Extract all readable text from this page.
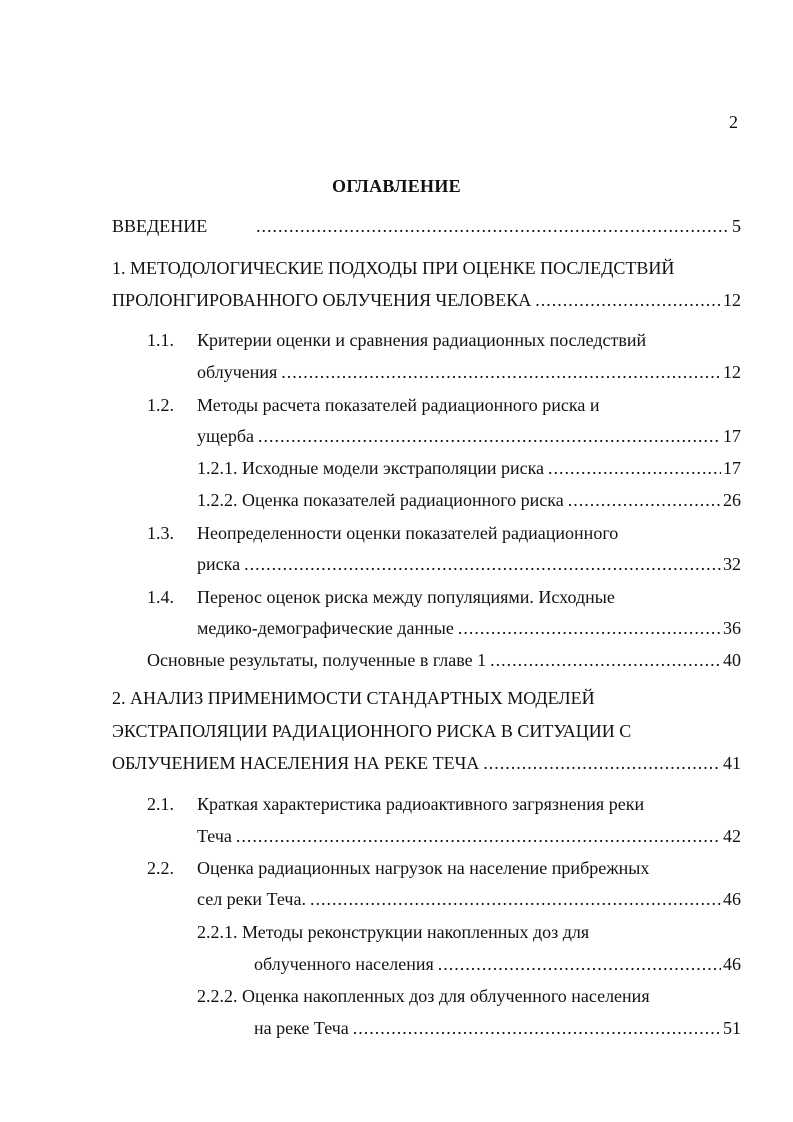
2
ОГЛАВЛЕНИЕ
ВВЕДЕНИЕ .....	5
1. МЕТОДОЛОГИЧЕСКИЕ ПОДХОДЫ ПРИ ОЦЕНКЕ ПОСЛЕДСТВИЙ
ПРОЛОНГИРОВАННОГО ОБЛУЧЕНИЯ ЧЕЛОВЕКА .....	12
1.1. Критерии оценки и сравнения радиационных последствий
облучения .....	12
1.2. Методы расчета показателей радиационного риска и
ущерба .....	17
1.2.1. Исходные модели экстраполяции риска .....	17
1.2.2. Оценка показателей радиационного риска .....	26
1.3. Неопределенности оценки показателей радиационного
риска .....	32
1.4. Перенос оценок риска между популяциями. Исходные
медико-демографические данные .....	36
Основные результаты, полученные в главе 1 .....	40
2. АНАЛИЗ ПРИМЕНИМОСТИ СТАНДАРТНЫХ МОДЕЛЕЙ
ЭКСТРАПОЛЯЦИИ РАДИАЦИОННОГО РИСКА В СИТУАЦИИ С
ОБЛУЧЕНИЕМ НАСЕЛЕНИЯ НА РЕКЕ ТЕЧА .....	41
2.1. Краткая характеристика радиоактивного загрязнения реки
Теча .....	42
2.2. Оценка радиационных нагрузок на население прибрежных
сел реки Теча. .....	46
2.2.1. Методы реконструкции накопленных доз для
облученного населения .....	46
2.2.2. Оценка накопленных доз для облученного населения
на реке Теча .....	51
